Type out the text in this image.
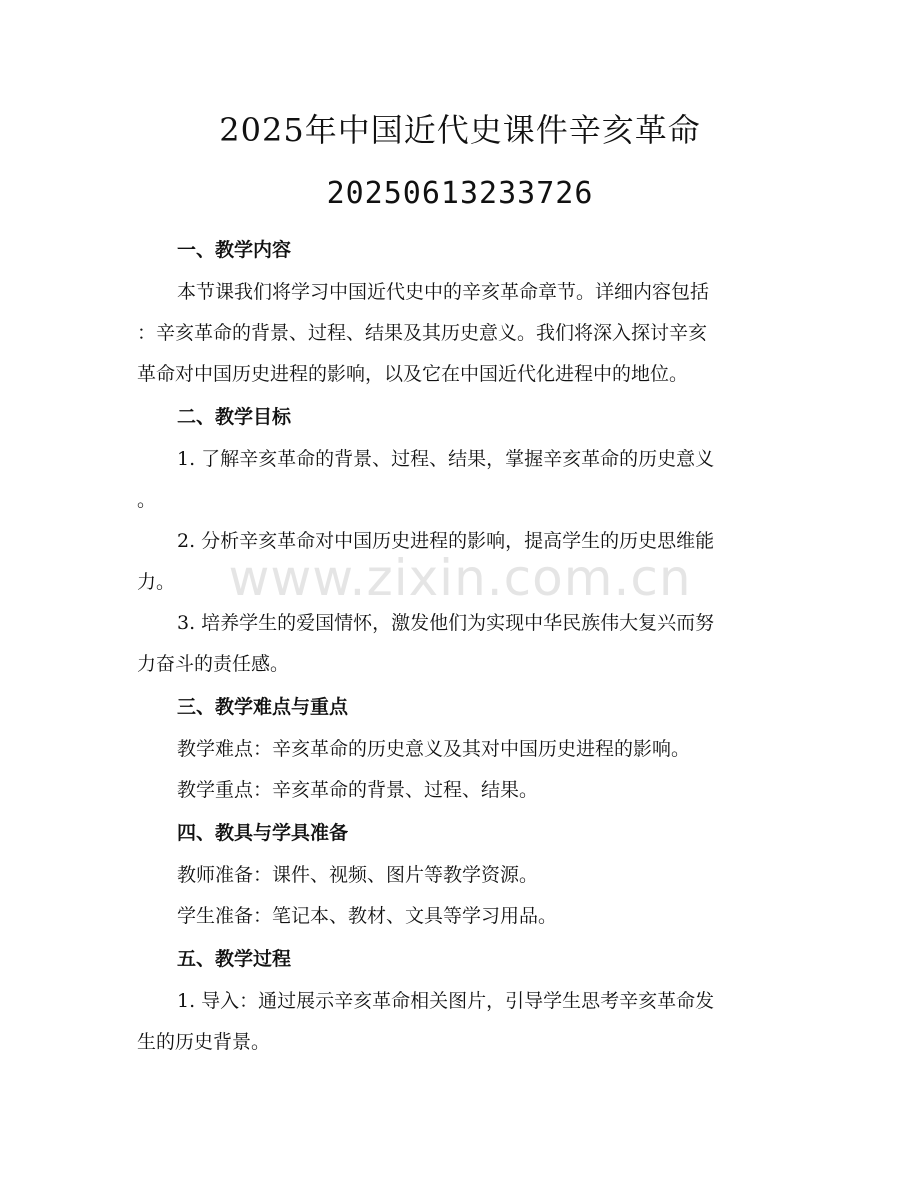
2025年中国近代史课件辛亥革命
20250613233726
一、教学内容
本节课我们将学习中国近代史中的辛亥革命章节。详细内容包括
：辛亥革命的背景、过程、结果及其历史意义。我们将深入探讨辛亥
革命对中国历史进程的影响，以及它在中国近代化进程中的地位。
二、教学目标
1. 了解辛亥革命的背景、过程、结果，掌握辛亥革命的历史意义
。
2. 分析辛亥革命对中国历史进程的影响，提高学生的历史思维能
力。
3. 培养学生的爱国情怀，激发他们为实现中华民族伟大复兴而努
力奋斗的责任感。
三、教学难点与重点
教学难点：辛亥革命的历史意义及其对中国历史进程的影响。
教学重点：辛亥革命的背景、过程、结果。
四、教具与学具准备
教师准备：课件、视频、图片等教学资源。
学生准备：笔记本、教材、文具等学习用品。
五、教学过程
1. 导入：通过展示辛亥革命相关图片，引导学生思考辛亥革命发
生的历史背景。
www.zixin.com.cn
